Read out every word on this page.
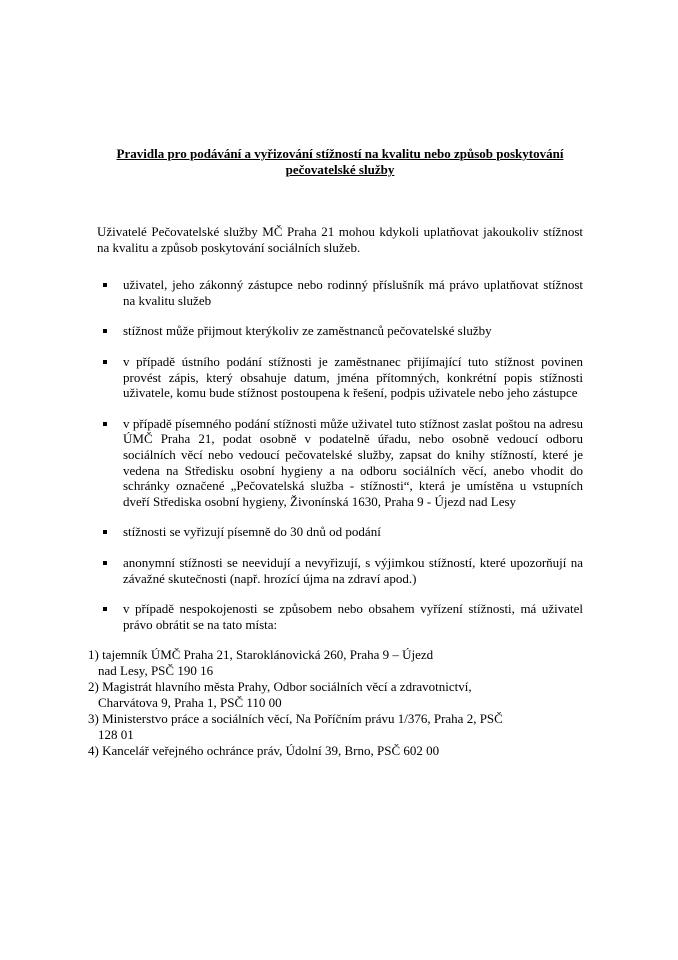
Pravidla pro podávání a vyřizování stížností na kvalitu nebo způsob poskytování
pečovatelské služby

Uživatelé Pečovatelské služby MČ Praha 21 mohou kdykoli uplatňovat jakoukoliv stížnost na kvalitu a způsob poskytování sociálních služeb.

uživatel, jeho zákonný zástupce nebo rodinný příslušník má právo uplatňovat stížnost na kvalitu služeb
stížnost může přijmout kterýkoliv ze zaměstnanců pečovatelské služby
v případě ústního podání stížnosti je zaměstnanec přijímající tuto stížnost povinen provést zápis, který obsahuje datum, jména přítomných, konkrétní popis stížnosti uživatele, komu bude stížnost postoupena k řešení, podpis uživatele nebo jeho zástupce
v případě písemného podání stížnosti může uživatel tuto stížnost zaslat poštou na adresu ÚMČ Praha 21, podat osobně v podatelně úřadu, nebo osobně vedoucí odboru sociálních věcí nebo vedoucí pečovatelské služby, zapsat do knihy stížností, které je vedena na Středisku osobní hygieny a na odboru sociálních věcí, anebo vhodit do schránky označené „Pečovatelská služba - stížnosti“, která je umístěna u vstupních dveří Střediska osobní hygieny, Živonínská 1630, Praha 9 - Újezd nad Lesy
stížnosti se vyřizují písemně do 30 dnů od podání
anonymní stížnosti se neevidují a nevyřizují, s výjimkou stížností, které upozorňují na závažné skutečnosti (např. hrozící újma na zdraví apod.)
v případě nespokojenosti se způsobem nebo obsahem vyřízení stížnosti, má uživatel právo obrátit se na tato místa:
1) tajemník ÚMČ Praha 21, Staroklánovická 260, Praha 9 – Újezd
nad Lesy, PSČ 190 16
2) Magistrát hlavního města Prahy, Odbor sociálních věcí a zdravotnictví,
Charvátova 9, Praha 1, PSČ 110 00
3) Ministerstvo práce a sociálních věcí, Na Poříčním právu 1/376, Praha 2, PSČ
128 01
4) Kancelář veřejného ochránce práv, Údolní 39, Brno, PSČ 602 00
